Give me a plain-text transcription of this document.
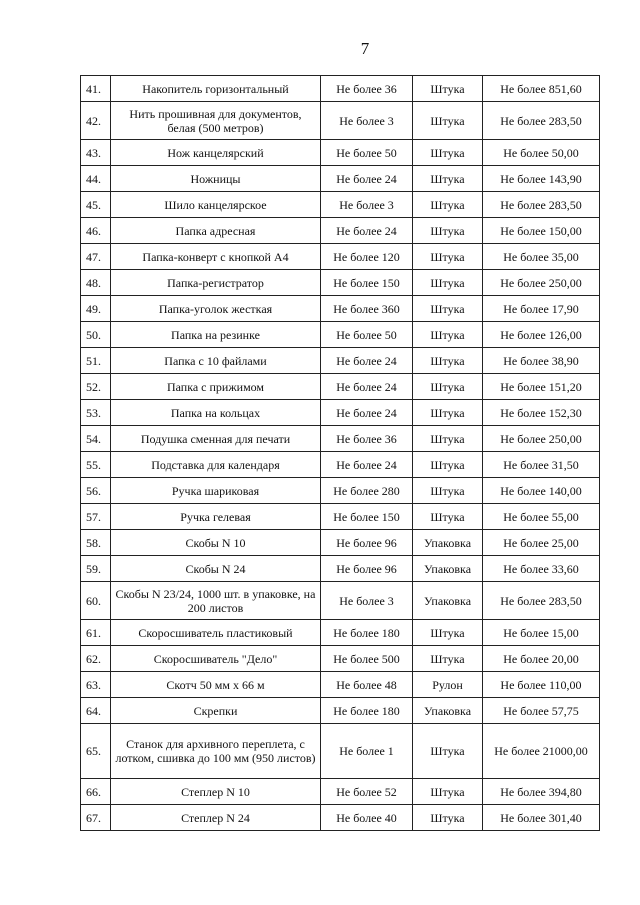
7
41.	Накопитель горизонтальный	Не более 36	Штука	Не более 851,60
42.	Нить прошивная для документов, белая (500 метров)	Не более 3	Штука	Не более 283,50
43.	Нож канцелярский	Не более 50	Штука	Не более 50,00
44.	Ножницы	Не более 24	Штука	Не более 143,90
45.	Шило канцелярское	Не более 3	Штука	Не более 283,50
46.	Папка адресная	Не более 24	Штука	Не более 150,00
47.	Папка-конверт с кнопкой А4	Не более 120	Штука	Не более 35,00
48.	Папка-регистратор	Не более 150	Штука	Не более 250,00
49.	Папка-уголок жесткая	Не более 360	Штука	Не более 17,90
50.	Папка на резинке	Не более 50	Штука	Не более 126,00
51.	Папка с 10 файлами	Не более 24	Штука	Не более 38,90
52.	Папка с прижимом	Не более 24	Штука	Не более 151,20
53.	Папка на кольцах	Не более 24	Штука	Не более 152,30
54.	Подушка сменная для печати	Не более 36	Штука	Не более 250,00
55.	Подставка для календаря	Не более 24	Штука	Не более 31,50
56.	Ручка шариковая	Не более 280	Штука	Не более 140,00
57.	Ручка гелевая	Не более 150	Штука	Не более 55,00
58.	Скобы N 10	Не более 96	Упаковка	Не более 25,00
59.	Скобы N 24	Не более 96	Упаковка	Не более 33,60
60.	Скобы N 23/24, 1000 шт. в упаковке, на 200 листов	Не более 3	Упаковка	Не более 283,50
61.	Скоросшиватель пластиковый	Не более 180	Штука	Не более 15,00
62.	Скоросшиватель "Дело"	Не более 500	Штука	Не более 20,00
63.	Скотч 50 мм х 66 м	Не более 48	Рулон	Не более 110,00
64.	Скрепки	Не более 180	Упаковка	Не более 57,75
65.	Станок для архивного переплета, с лотком, сшивка до 100 мм (950 листов)	Не более 1	Штука	Не более 21000,00
66.	Степлер N 10	Не более 52	Штука	Не более 394,80
67.	Степлер N 24	Не более 40	Штука	Не более 301,40
